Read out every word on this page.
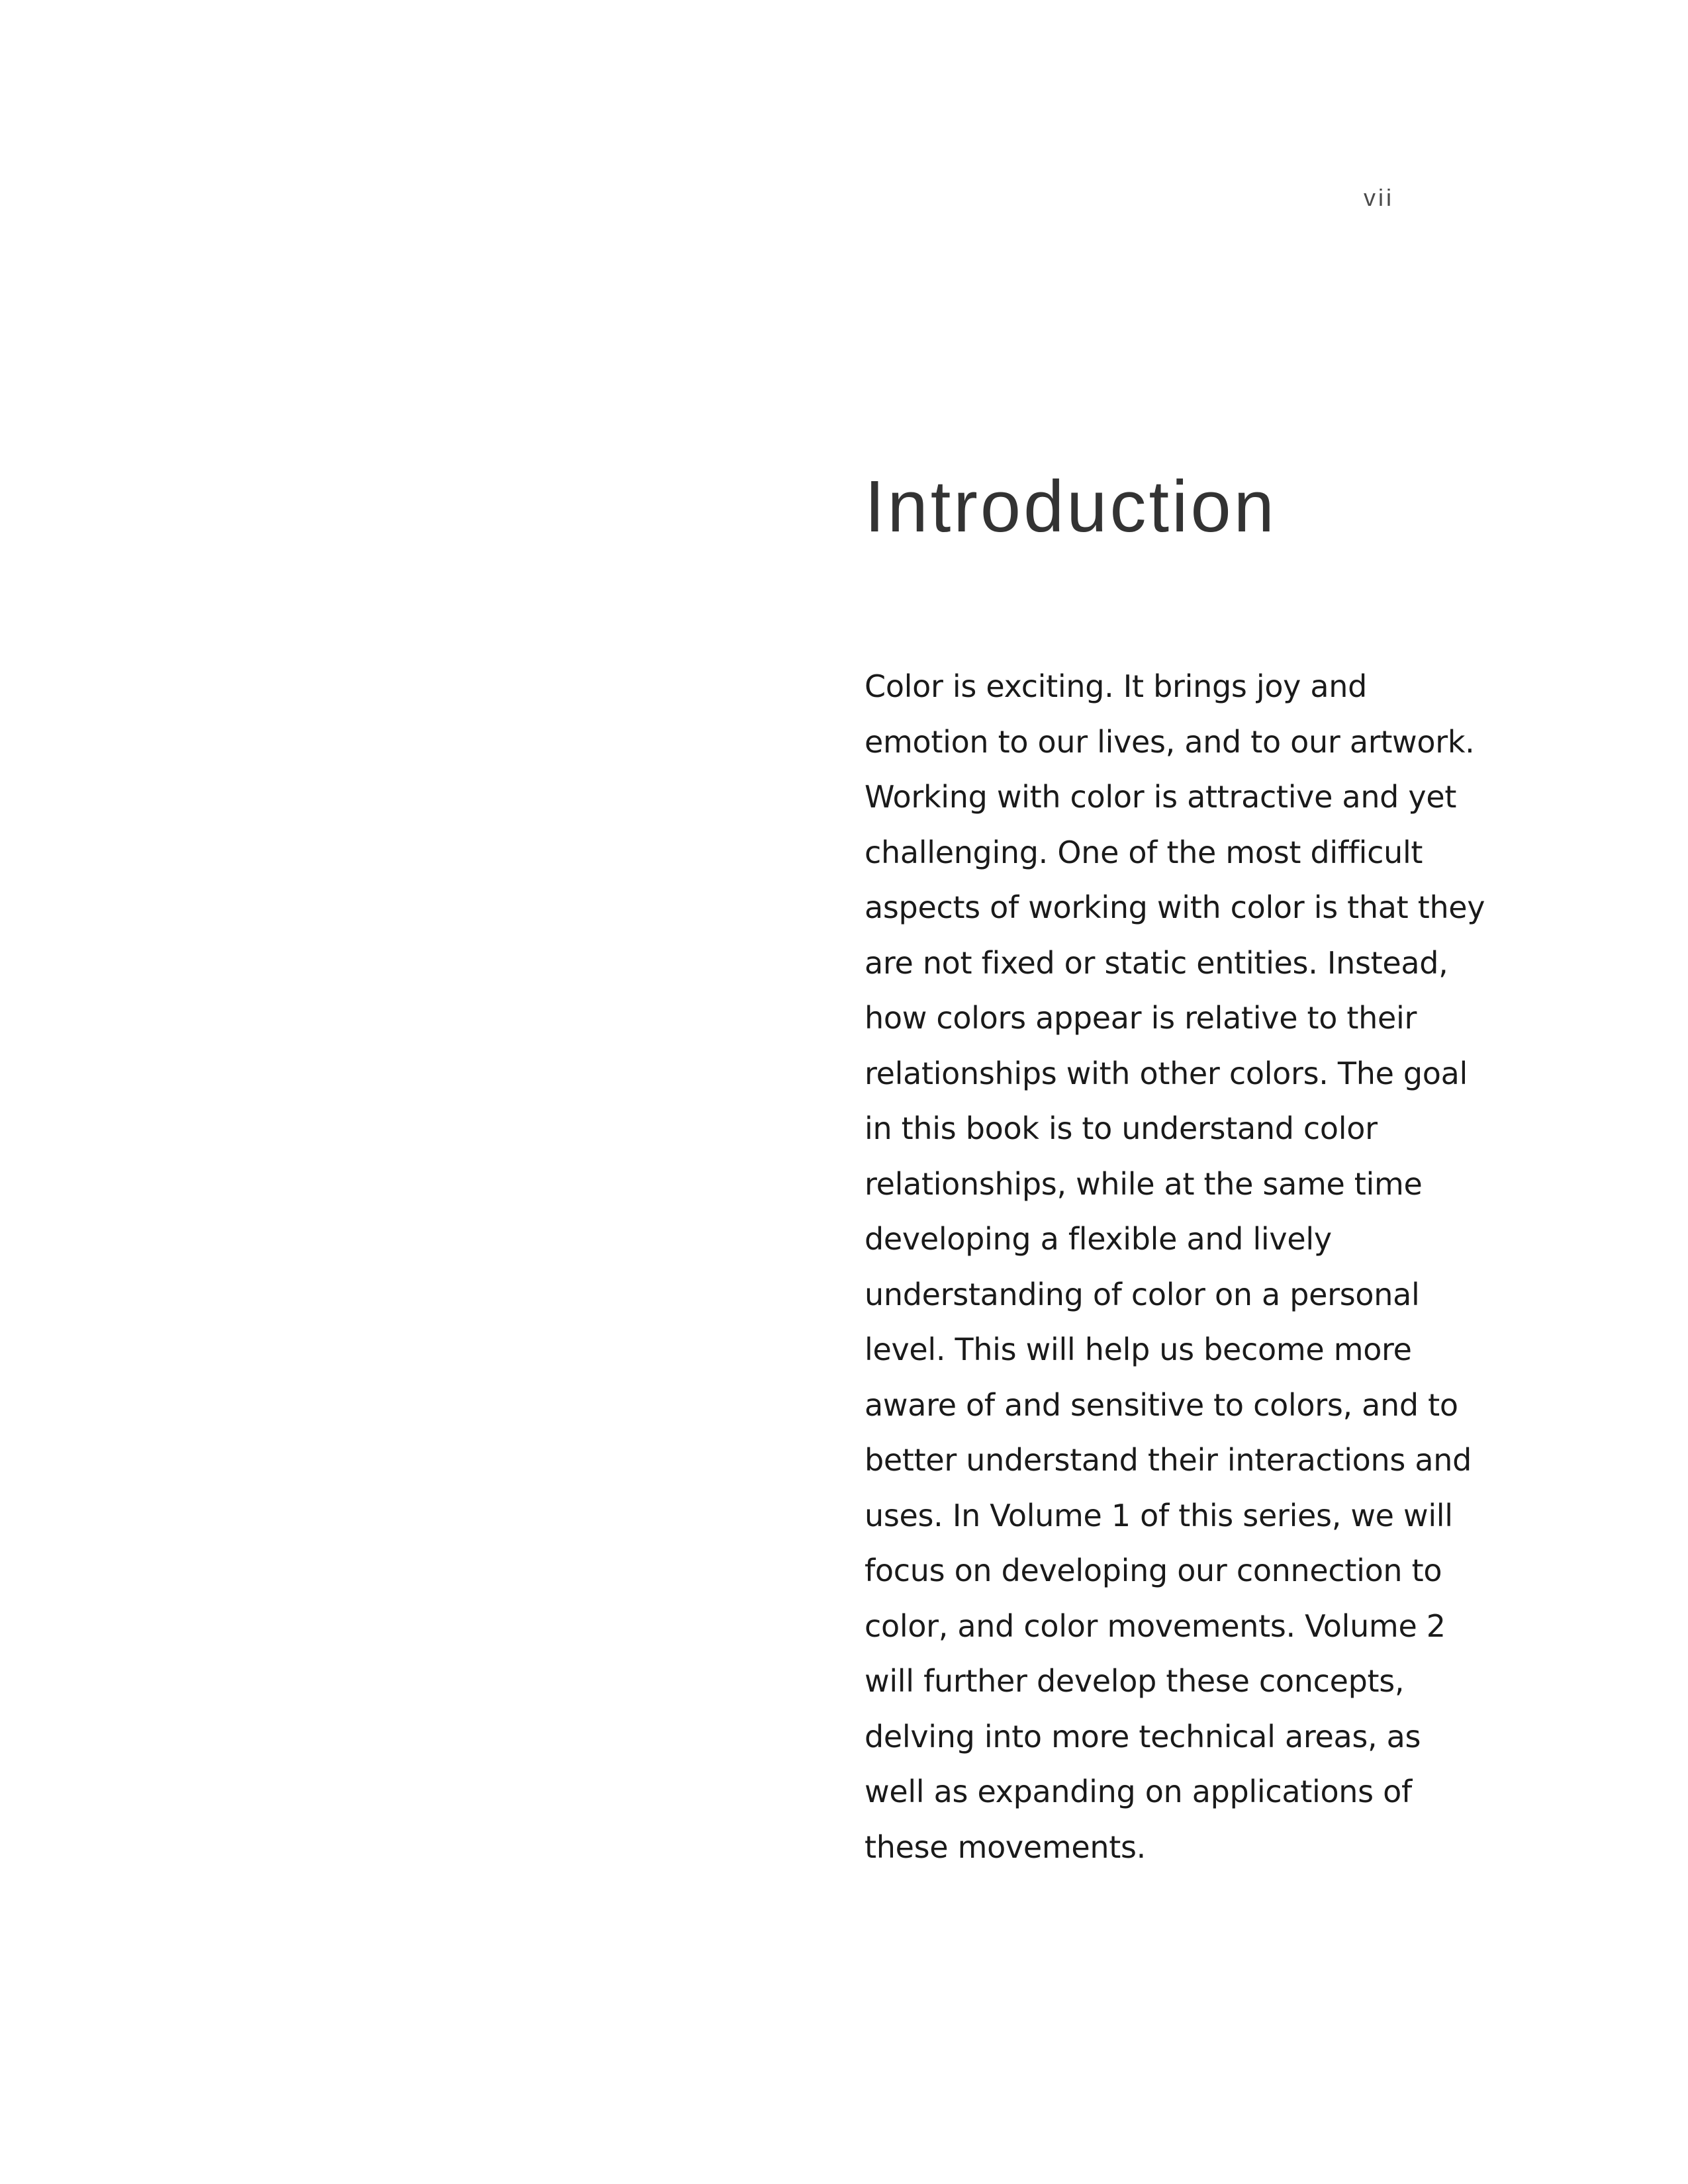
vii
Introduction

Color is exciting. It brings joy and
emotion to our lives, and to our artwork.
Working with color is attractive and yet
challenging. One of the most difficult
aspects of working with color is that they
are not fixed or static entities. Instead,
how colors appear is relative to their
relationships with other colors. The goal
in this book is to understand color
relationships, while at the same time
developing a flexible and lively
understanding of color on a personal
level. This will help us become more
aware of and sensitive to colors, and to
better understand their interactions and
uses. In Volume 1 of this series, we will
focus on developing our connection to
color, and color movements. Volume 2
will further develop these concepts,
delving into more technical areas, as
well as expanding on applications of
these movements.
